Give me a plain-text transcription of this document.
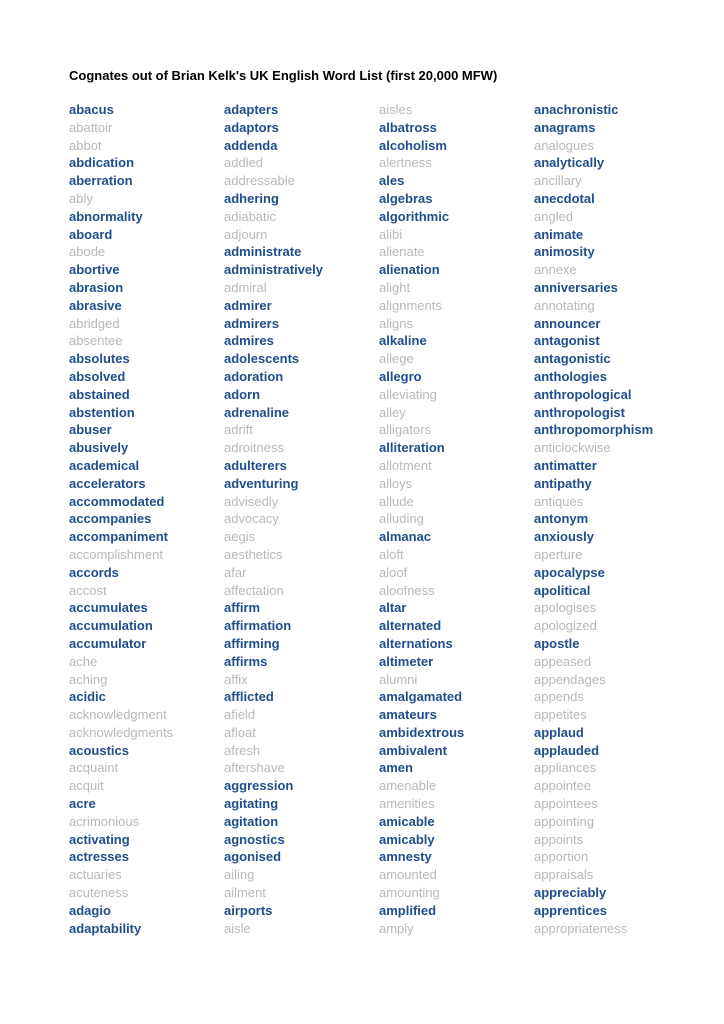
Cognates out of Brian Kelk's UK English Word List (first 20,000 MFW)
abacus
abattoir
abbot
abdication
aberration
ably
abnormality
aboard
abode
abortive
abrasion
abrasive
abridged
absentee
absolutes
absolved
abstained
abstention
abuser
abusively
academical
accelerators
accommodated
accompanies
accompaniment
accomplishment
accords
accost
accumulates
accumulation
accumulator
ache
aching
acidic
acknowledgment
acknowledgments
acoustics
acquaint
acquit
acre
acrimonious
activating
actresses
actuaries
acuteness
adagio
adaptability
adapters
adaptors
addenda
addled
addressable
adhering
adiabatic
adjourn
administrate
administratively
admiral
admirer
admirers
admires
adolescents
adoration
adorn
adrenaline
adrift
adroitness
adulterers
adventuring
advisedly
advocacy
aegis
aesthetics
afar
affectation
affirm
affirmation
affirming
affirms
affix
afflicted
afield
afloat
afresh
aftershave
aggression
agitating
agitation
agnostics
agonised
ailing
ailment
airports
aisle
aisles
albatross
alcoholism
alertness
ales
algebras
algorithmic
alibi
alienate
alienation
alight
alignments
aligns
alkaline
allege
allegro
alleviating
alley
alligators
alliteration
allotment
alloys
allude
alluding
almanac
aloft
aloof
aloofness
altar
alternated
alternations
altimeter
alumni
amalgamated
amateurs
ambidextrous
ambivalent
amen
amenable
amenities
amicable
amicably
amnesty
amounted
amounting
amplified
amply
anachronistic
anagrams
analogues
analytically
ancillary
anecdotal
angled
animate
animosity
annexe
anniversaries
annotating
announcer
antagonist
antagonistic
anthologies
anthropological
anthropologist
anthropomorphism
anticlockwise
antimatter
antipathy
antiques
antonym
anxiously
aperture
apocalypse
apolitical
apologises
apologized
apostle
appeased
appendages
appends
appetites
applaud
applauded
appliances
appointee
appointees
appointing
appoints
apportion
appraisals
appreciably
apprentices
appropriateness
